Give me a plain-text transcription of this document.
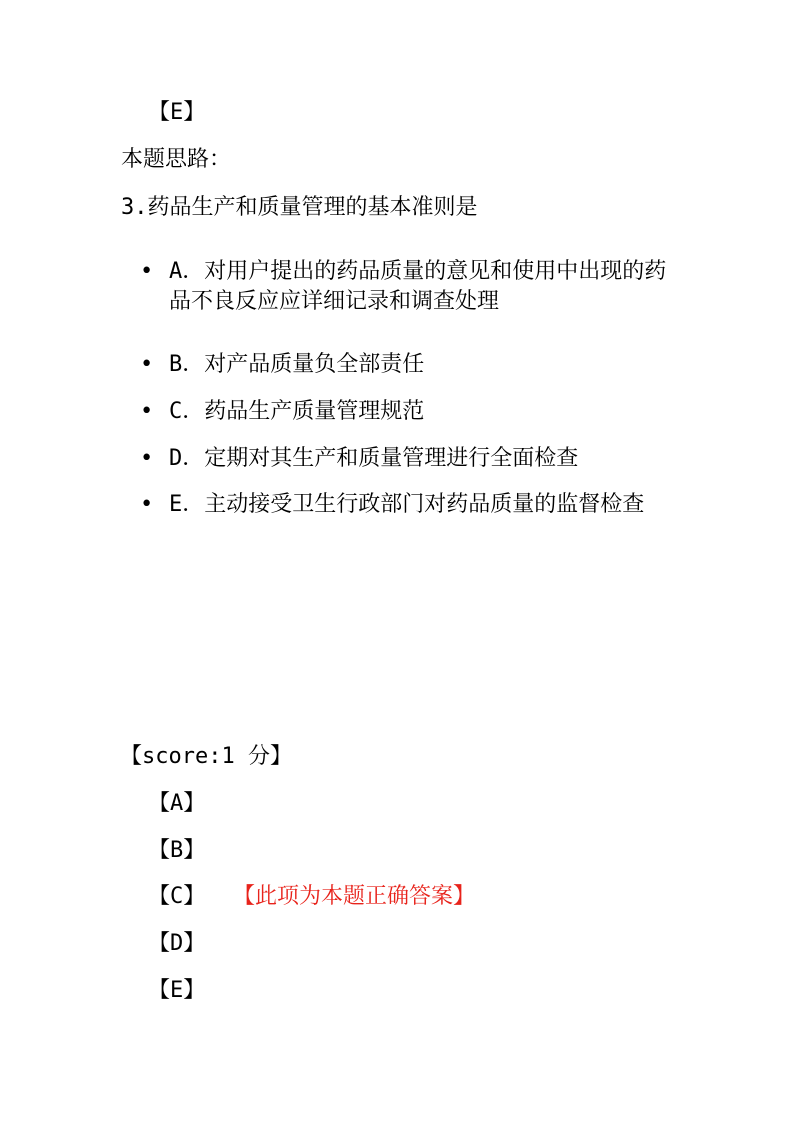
【E】
本题思路：
3.药品生产和质量管理的基本准则是
• A．对用户提出的药品质量的意见和使用中出现的药品不良反应应详细记录和调查处理
• B．对产品质量负全部责任
• C．药品生产质量管理规范
• D．定期对其生产和质量管理进行全面检查
• E．主动接受卫生行政部门对药品质量的监督检查
【score:1 分】
【A】
【B】
【C】 【此项为本题正确答案】
【D】
【E】
